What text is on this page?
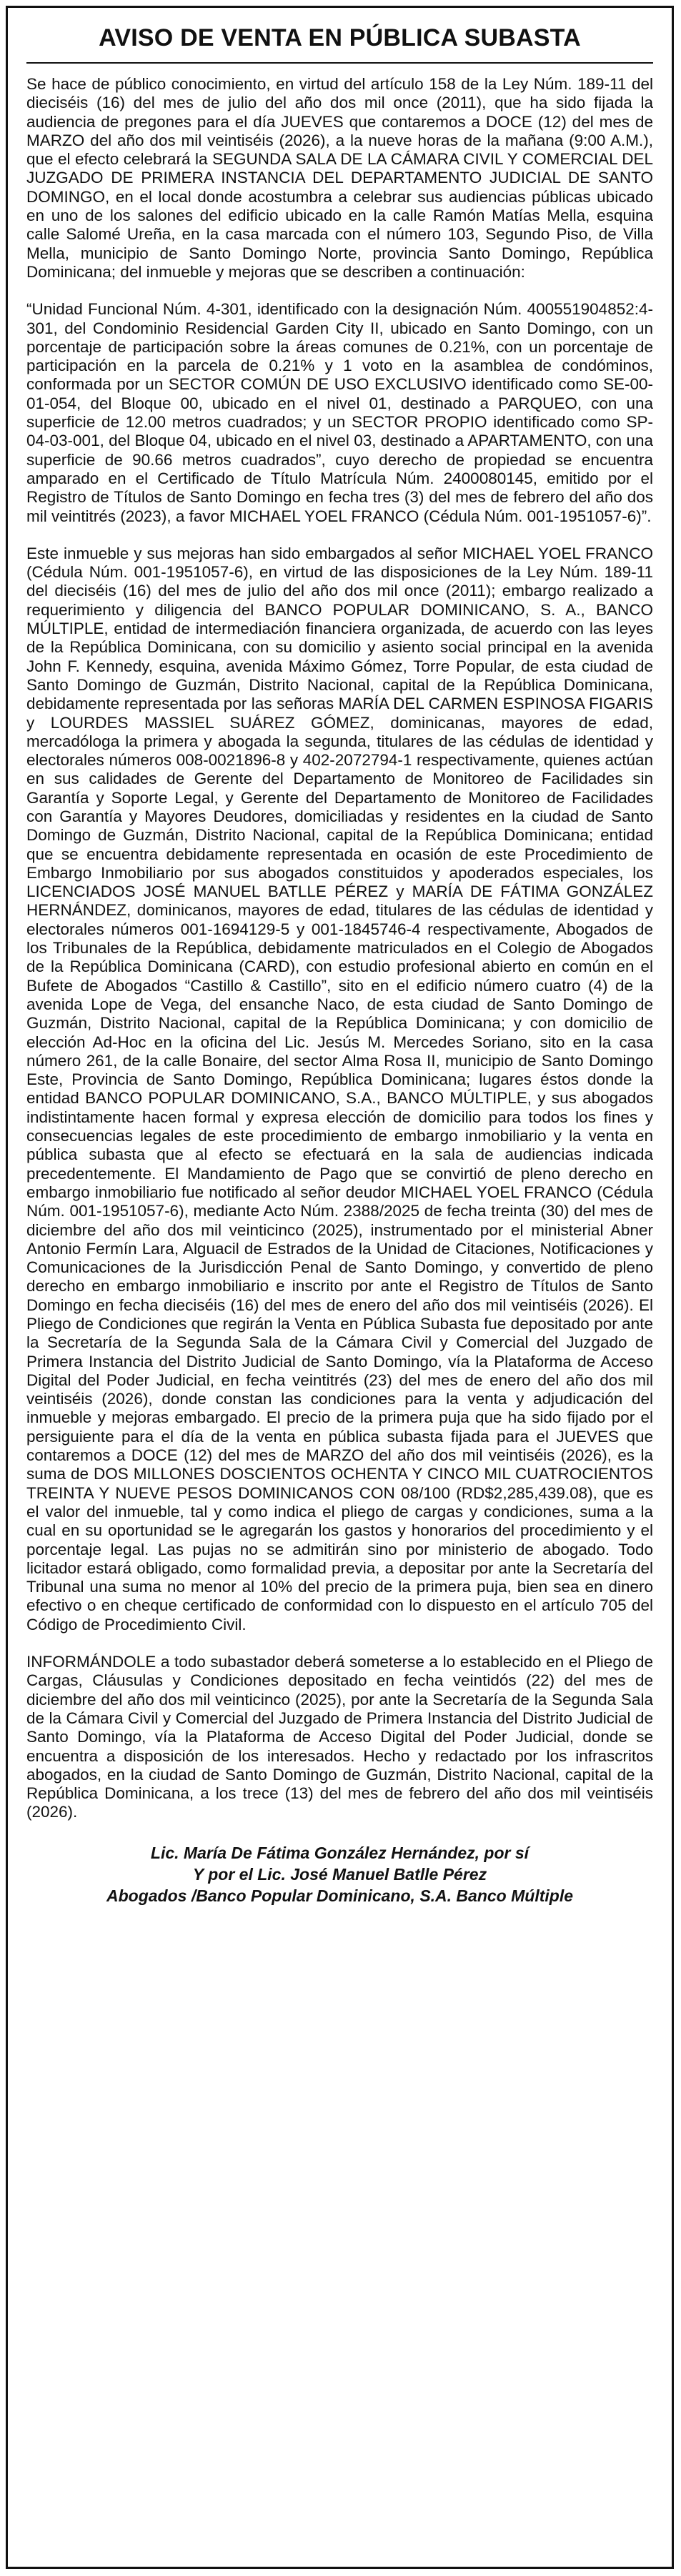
AVISO DE VENTA EN PÚBLICA SUBASTA

Se hace de público conocimiento, en virtud del artículo 158 de la Ley Núm. 189-11 del dieciséis (16) del mes de julio del año dos mil once (2011), que ha sido fijada la audiencia de pregones para el día JUEVES que contaremos a DOCE (12) del mes de MARZO del año dos mil veintiséis (2026), a la nueve horas de la mañana (9:00 A.M.), que el efecto celebrará la SEGUNDA SALA DE LA CÁMARA CIVIL Y COMERCIAL DEL JUZGADO DE PRIMERA INSTANCIA DEL DEPARTAMENTO JUDICIAL DE SANTO DOMINGO, en el local donde acostumbra a celebrar sus audiencias públicas ubicado en uno de los salones del edificio ubicado en la calle Ramón Matías Mella, esquina calle Salomé Ureña, en la casa marcada con el número 103, Segundo Piso, de Villa Mella, municipio de Santo Domingo Norte, provincia Santo Domingo, República Dominicana; del inmueble y mejoras que se describen a continuación:

“Unidad Funcional Núm. 4-301, identificado con la designación Núm. 400551904852:4-301, del Condominio Residencial Garden City II, ubicado en Santo Domingo, con un porcentaje de participación sobre la áreas comunes de 0.21%, con un porcentaje de participación en la parcela de 0.21% y 1 voto en la asamblea de condóminos, conformada por un SECTOR COMÚN DE USO EXCLUSIVO identificado como SE-00-01-054, del Bloque 00, ubicado en el nivel 01, destinado a PARQUEO, con una superficie de 12.00 metros cuadrados; y un SECTOR PROPIO identificado como SP-04-03-001, del Bloque 04, ubicado en el nivel 03, destinado a APARTAMENTO, con una superficie de 90.66 metros cuadrados”, cuyo derecho de propiedad se encuentra amparado en el Certificado de Título Matrícula Núm. 2400080145, emitido por el Registro de Títulos de Santo Domingo en fecha tres (3) del mes de febrero del año dos mil veintitrés (2023), a favor MICHAEL YOEL FRANCO (Cédula Núm. 001-1951057-6)”.

Este inmueble y sus mejoras han sido embargados al señor MICHAEL YOEL FRANCO (Cédula Núm. 001-1951057-6), en virtud de las disposiciones de la Ley Núm. 189-11 del dieciséis (16) del mes de julio del año dos mil once (2011); embargo realizado a requerimiento y diligencia del BANCO POPULAR DOMINICANO, S. A., BANCO MÚLTIPLE, entidad de intermediación financiera organizada, de acuerdo con las leyes de la República Dominicana, con su domicilio y asiento social principal en la avenida John F. Kennedy, esquina, avenida Máximo Gómez, Torre Popular, de esta ciudad de Santo Domingo de Guzmán, Distrito Nacional, capital de la República Dominicana, debidamente representada por las señoras MARÍA DEL CARMEN ESPINOSA FIGARIS y LOURDES MASSIEL SUÁREZ GÓMEZ, dominicanas, mayores de edad, mercadóloga la primera y abogada la segunda, titulares de las cédulas de identidad y electorales números 008-0021896-8 y 402-2072794-1 respectivamente, quienes actúan en sus calidades de Gerente del Departamento de Monitoreo de Facilidades sin Garantía y Soporte Legal, y Gerente del Departamento de Monitoreo de Facilidades con Garantía y Mayores Deudores, domiciliadas y residentes en la ciudad de Santo Domingo de Guzmán, Distrito Nacional, capital de la República Dominicana; entidad que se encuentra debidamente representada en ocasión de este Procedimiento de Embargo Inmobiliario por sus abogados constituidos y apoderados especiales, los LICENCIADOS JOSÉ MANUEL BATLLE PÉREZ y MARÍA DE FÁTIMA GONZÁLEZ HERNÁNDEZ, dominicanos, mayores de edad, titulares de las cédulas de identidad y electorales números 001-1694129-5 y 001-1845746-4 respectivamente, Abogados de los Tribunales de la República, debidamente matriculados en el Colegio de Abogados de la República Dominicana (CARD), con estudio profesional abierto en común en el Bufete de Abogados “Castillo & Castillo”, sito en el edificio número cuatro (4) de la avenida Lope de Vega, del ensanche Naco, de esta ciudad de Santo Domingo de Guzmán, Distrito Nacional, capital de la República Dominicana; y con domicilio de elección Ad-Hoc en la oficina del Lic. Jesús M. Mercedes Soriano, sito en la casa número 261, de la calle Bonaire, del sector Alma Rosa II, municipio de Santo Domingo Este, Provincia de Santo Domingo, República Dominicana; lugares éstos donde la entidad BANCO POPULAR DOMINICANO, S.A., BANCO MÚLTIPLE, y sus abogados indistintamente hacen formal y expresa elección de domicilio para todos los fines y consecuencias legales de este procedimiento de embargo inmobiliario y la venta en pública subasta que al efecto se efectuará en la sala de audiencias indicada precedentemente. El Mandamiento de Pago que se convirtió de pleno derecho en embargo inmobiliario fue notificado al señor deudor MICHAEL YOEL FRANCO (Cédula Núm. 001-1951057-6), mediante Acto Núm. 2388/2025 de fecha treinta (30) del mes de diciembre del año dos mil veinticinco (2025), instrumentado por el ministerial Abner Antonio Fermín Lara, Alguacil de Estrados de la Unidad de Citaciones, Notificaciones y Comunicaciones de la Jurisdicción Penal de Santo Domingo, y convertido de pleno derecho en embargo inmobiliario e inscrito por ante el Registro de Títulos de Santo Domingo en fecha dieciséis (16) del mes de enero del año dos mil veintiséis (2026). El Pliego de Condiciones que regirán la Venta en Pública Subasta fue depositado por ante la Secretaría de la Segunda Sala de la Cámara Civil y Comercial del Juzgado de Primera Instancia del Distrito Judicial de Santo Domingo, vía la Plataforma de Acceso Digital del Poder Judicial, en fecha veintitrés (23) del mes de enero del año dos mil veintiséis (2026), donde constan las condiciones para la venta y adjudicación del inmueble y mejoras embargado. El precio de la primera puja que ha sido fijado por el persiguiente para el día de la venta en pública subasta fijada para el JUEVES que contaremos a DOCE (12) del mes de MARZO del año dos mil veintiséis (2026), es la suma de DOS MILLONES DOSCIENTOS OCHENTA Y CINCO MIL CUATROCIENTOS TREINTA Y NUEVE PESOS DOMINICANOS CON 08/100 (RD$2,285,439.08), que es el valor del inmueble, tal y como indica el pliego de cargas y condiciones, suma a la cual en su oportunidad se le agregarán los gastos y honorarios del procedimiento y el porcentaje legal. Las pujas no se admitirán sino por ministerio de abogado. Todo licitador estará obligado, como formalidad previa, a depositar por ante la Secretaría del Tribunal una suma no menor al 10% del precio de la primera puja, bien sea en dinero efectivo o en cheque certificado de conformidad con lo dispuesto en el artículo 705 del Código de Procedimiento Civil.

INFORMÁNDOLE a todo subastador deberá someterse a lo establecido en el Pliego de Cargas, Cláusulas y Condiciones depositado en fecha veintidós (22) del mes de diciembre del año dos mil veinticinco (2025), por ante la Secretaría de la Segunda Sala de la Cámara Civil y Comercial del Juzgado de Primera Instancia del Distrito Judicial de Santo Domingo, vía la Plataforma de Acceso Digital del Poder Judicial, donde se encuentra a disposición de los interesados. Hecho y redactado por los infrascritos abogados, en la ciudad de Santo Domingo de Guzmán, Distrito Nacional, capital de la República Dominicana, a los trece (13) del mes de febrero del año dos mil veintiséis (2026).

Lic. María De Fátima González Hernández, por sí
Y por el Lic. José Manuel Batlle Pérez
Abogados /Banco Popular Dominicano, S.A. Banco Múltiple
